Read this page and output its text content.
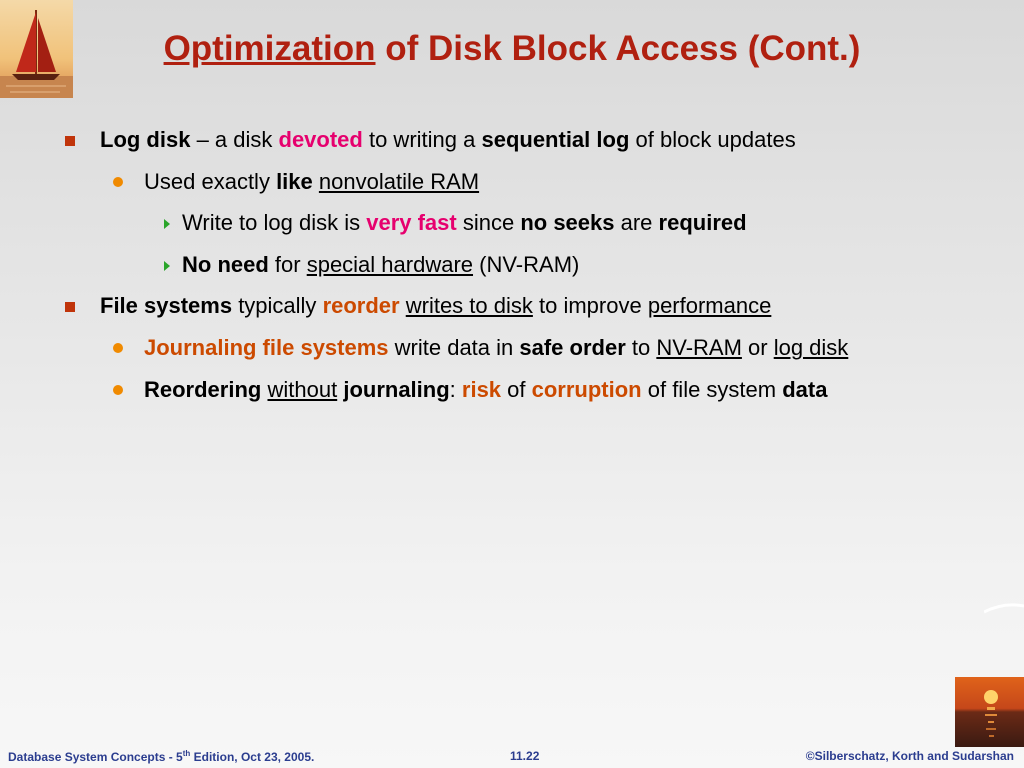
Optimization of Disk Block Access (Cont.)
Log disk – a disk devoted to writing a sequential log of block updates
Used exactly like nonvolatile RAM
Write to log disk is very fast since no seeks are required
No need for special hardware (NV-RAM)
File systems typically reorder writes to disk to improve performance
Journaling file systems write data in safe order to NV-RAM or log disk
Reordering without journaling: risk of corruption of file system data
Database System Concepts - 5th Edition, Oct 23, 2005.	11.22	©Silberschatz, Korth and Sudarshan
